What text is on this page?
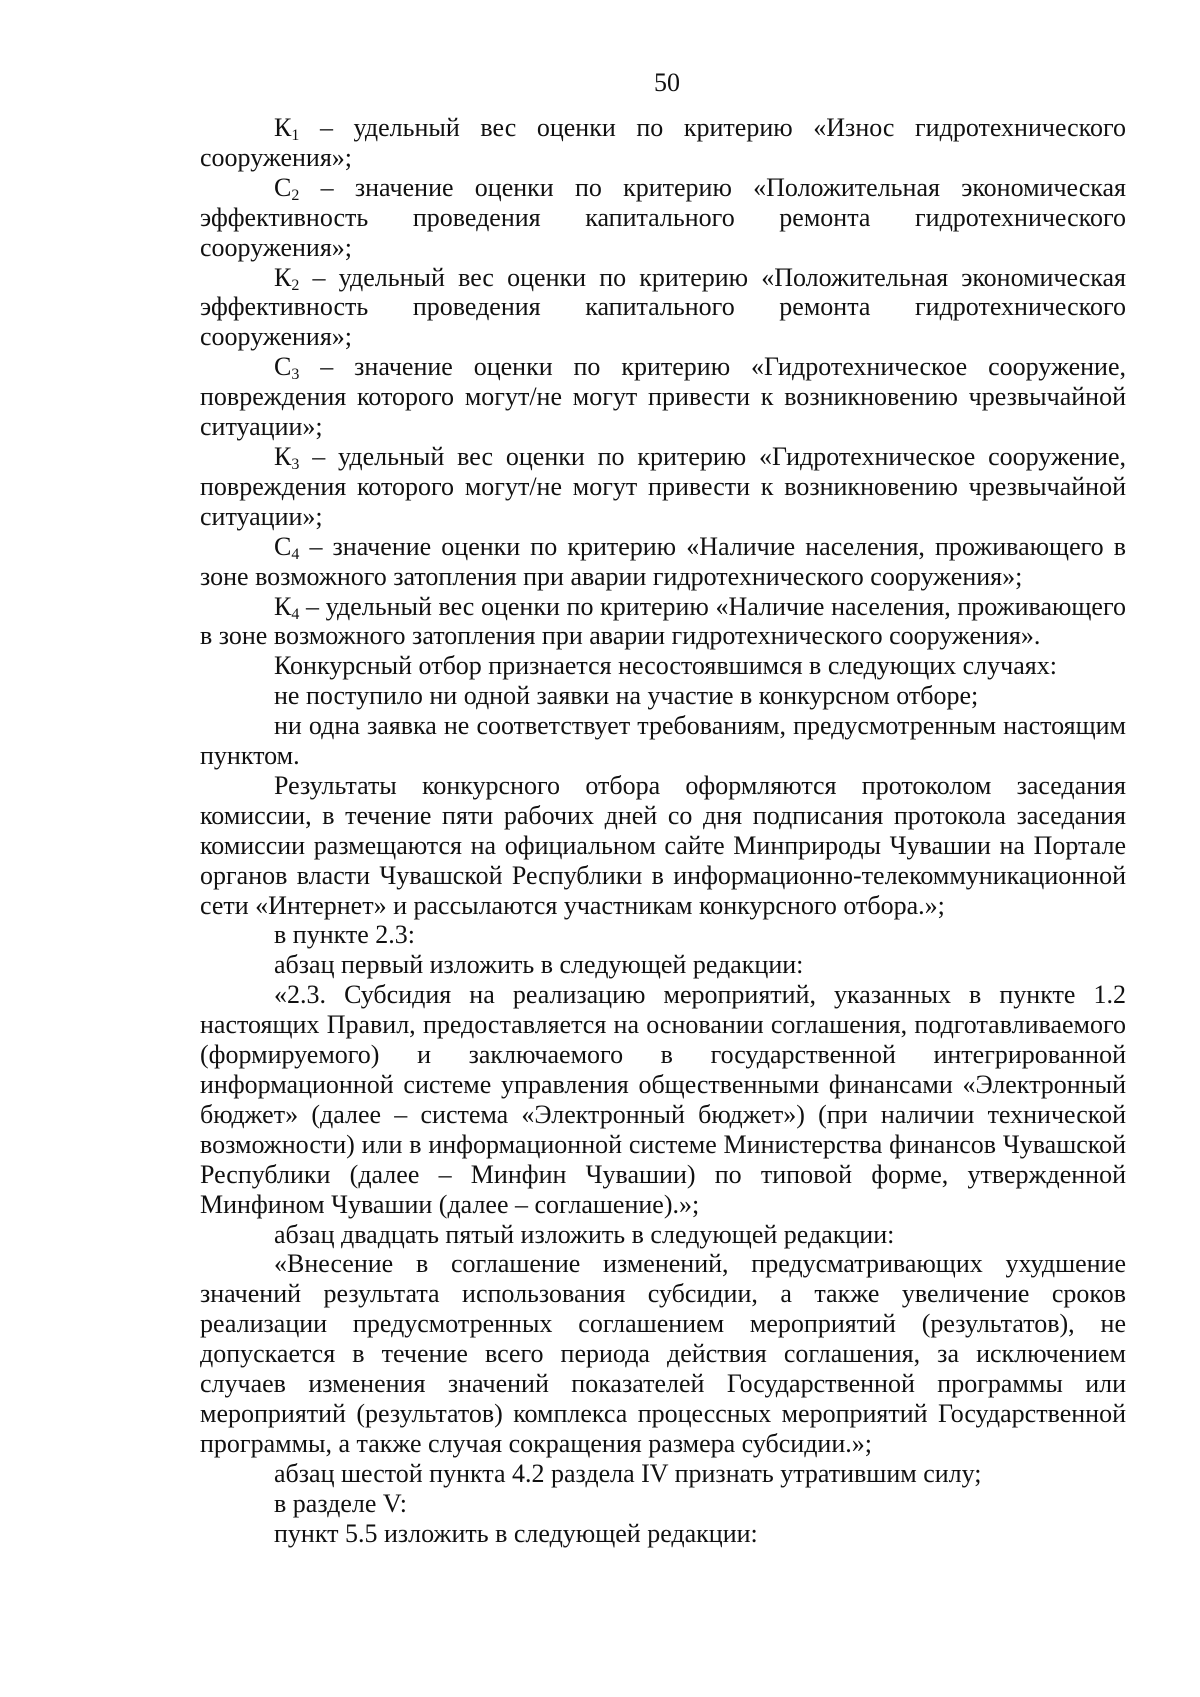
50

$К_1$ – удельный вес оценки по критерию «Износ гидротехнического сооружения»;

$С_2$ – значение оценки по критерию «Положительная экономическая эффективность проведения капитального ремонта гидротехнического сооружения»;

$К_2$ – удельный вес оценки по критерию «Положительная экономическая эффективность проведения капитального ремонта гидротехнического сооружения»;

$С_3$ – значение оценки по критерию «Гидротехническое сооружение, повреждения которого могут/не могут привести к возникновению чрезвычайной ситуации»;

$К_3$ – удельный вес оценки по критерию «Гидротехническое сооружение, повреждения которого могут/не могут привести к возникновению чрезвычайной ситуации»;

$С_4$ – значение оценки по критерию «Наличие населения, проживающего в зоне возможного затопления при аварии гидротехнического сооружения»;

$К_4$ – удельный вес оценки по критерию «Наличие населения, проживающего в зоне возможного затопления при аварии гидротехнического сооружения».

Конкурсный отбор признается несостоявшимся в следующих случаях:

не поступило ни одной заявки на участие в конкурсном отборе;

ни одна заявка не соответствует требованиям, предусмотренным настоящим пунктом.

Результаты конкурсного отбора оформляются протоколом заседания комиссии, в течение пяти рабочих дней со дня подписания протокола заседания комиссии размещаются на официальном сайте Минприроды Чувашии на Портале органов власти Чувашской Республики в информационно-телекоммуникационной сети «Интернет» и рассылаются участникам конкурсного отбора.»;

в пункте 2.3:

абзац первый изложить в следующей редакции:

«2.3. Субсидия на реализацию мероприятий, указанных в пункте 1.2 настоящих Правил, предоставляется на основании соглашения, подготавливаемого (формируемого) и заключаемого в государственной интегрированной информационной системе управления общественными финансами «Электронный бюджет» (далее – система «Электронный бюджет») (при наличии технической возможности) или в информационной системе Министерства финансов Чувашской Республики (далее – Минфин Чувашии) по типовой форме, утвержденной Минфином Чувашии (далее – соглашение).»;

абзац двадцать пятый изложить в следующей редакции:

«Внесение в соглашение изменений, предусматривающих ухудшение значений результата использования субсидии, а также увеличение сроков реализации предусмотренных соглашением мероприятий (результатов), не допускается в течение всего периода действия соглашения, за исключением случаев изменения значений показателей Государственной программы или мероприятий (результатов) комплекса процессных мероприятий Государственной программы, а также случая сокращения размера субсидии.»;

абзац шестой пункта 4.2 раздела IV признать утратившим силу;

в разделе V:

пункт 5.5 изложить в следующей редакции:
